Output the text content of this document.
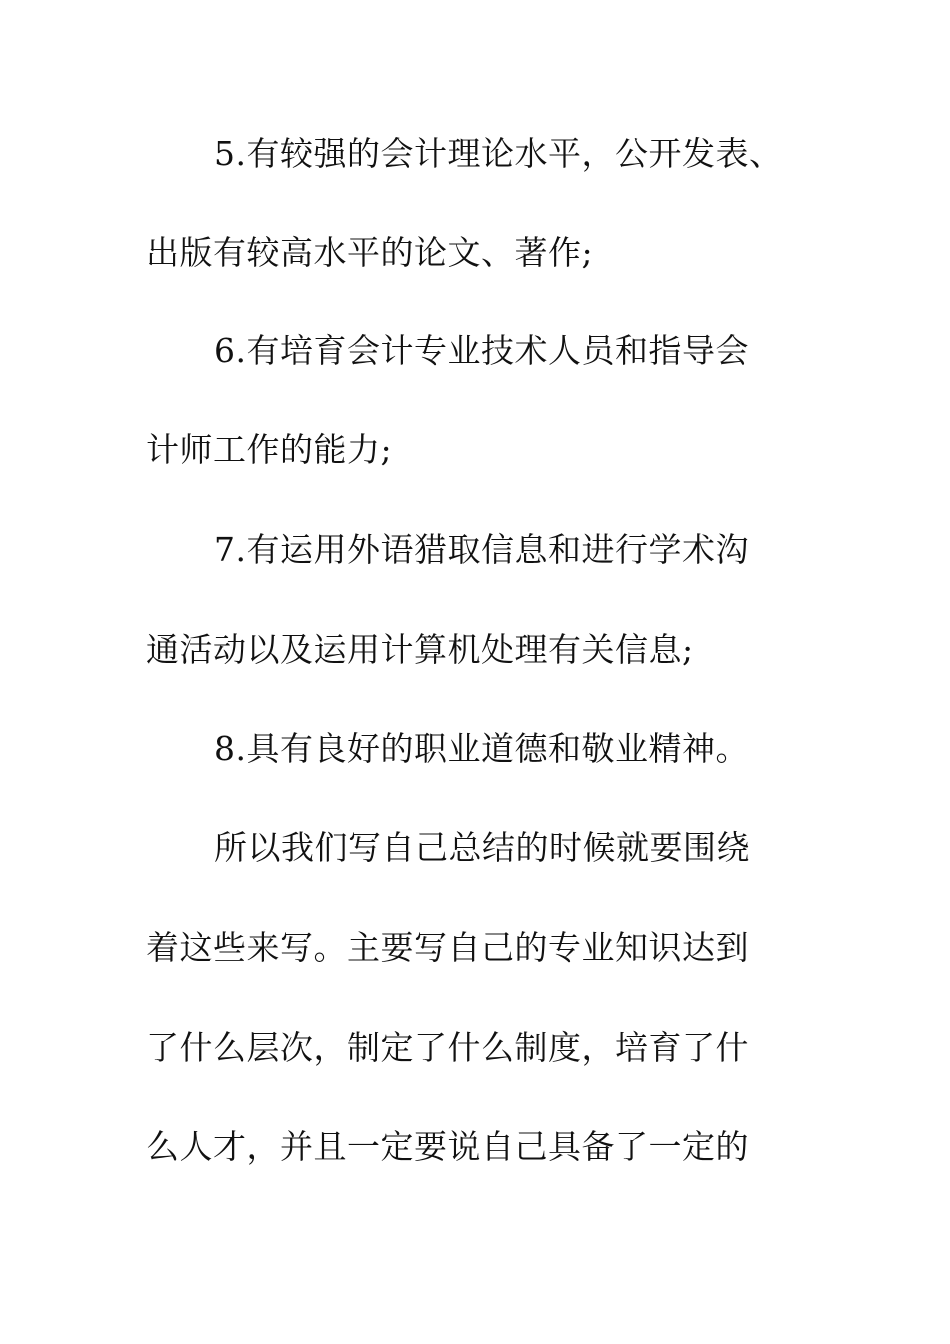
5.有较强的会计理论水平，公开发表、
出版有较高水平的论文、著作;
6.有培育会计专业技术人员和指导会
计师工作的能力;
7.有运用外语猎取信息和进行学术沟
通活动以及运用计算机处理有关信息;
8.具有良好的职业道德和敬业精神。
所以我们写自己总结的时候就要围绕
着这些来写。主要写自己的专业知识达到
了什么层次，制定了什么制度，培育了什
么人才，并且一定要说自己具备了一定的
